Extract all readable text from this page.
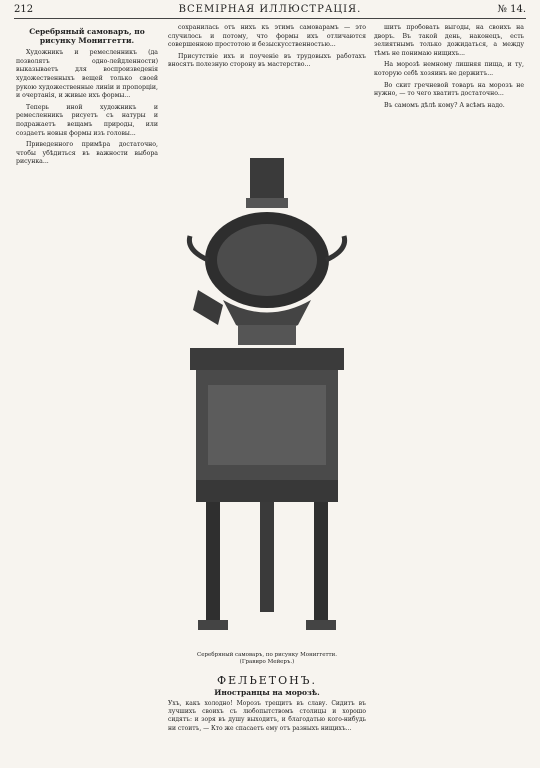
212	ВСЕМІРНАЯ ИЛЛЮСТРАЦІЯ.	№ 14.
Серебряный самоваръ, по рисунку Мониггетти.

Художникъ и ремесленникъ (да позволятъ одно-лейдленности) выказываетъ для воспроизведенія художественныхъ вещей только своей рукою художественные линіи и пропорціи, и очертанія, и живые ихъ формы...

Теперь иной художникъ и ремесленникъ рисуетъ съ натуры и подражаетъ вещамъ природы, или создаетъ новыя формы изъ головы...

Приведенного примѣра достаточно, чтобы убѣдиться въ важности выбора рисунка...

сохранилась отъ нихъ къ этимъ самоварамъ — это случилось и потому, что формы ихъ отличаются совершенною простотою и безыскусственностью...

Присутствіе ихъ и поученіе въ трудовыхъ работахъ вносятъ полезную сторону въ мастерство...

Серебряный самоваръ, по рисунку Мониггетти.
(Гравиро Мейеръ.)
ФЕЛЬЕТОНЪ.
Иностранцы на морозѣ.
Ухъ, какъ холодно! Морозъ трещитъ въ славу. Сидитъ въ лучшихъ своихъ съ любопытствомъ столицы и хорошо сидятъ: и зоря въ душу выходитъ, и благодатью кого-нибудь ни стоитъ, — Кто же спасаетъ ему отъ разныхъ нищихъ...

шитъ пробовать выгоды, на своихъ на дворъ. Въ такой день, наконецъ, есть зелиятнымъ только дожидаться, а между тѣмъ не понимаю нищихъ...

На морозѣ немному лишняя пища, и ту, которую себѣ хозяинъ не держитъ...

Во скит гречневой товаръ на морозъ не нужно, — то чего хватитъ достаточно...

Въ самомъ дѣлѣ кому? А всѣмъ надо.
